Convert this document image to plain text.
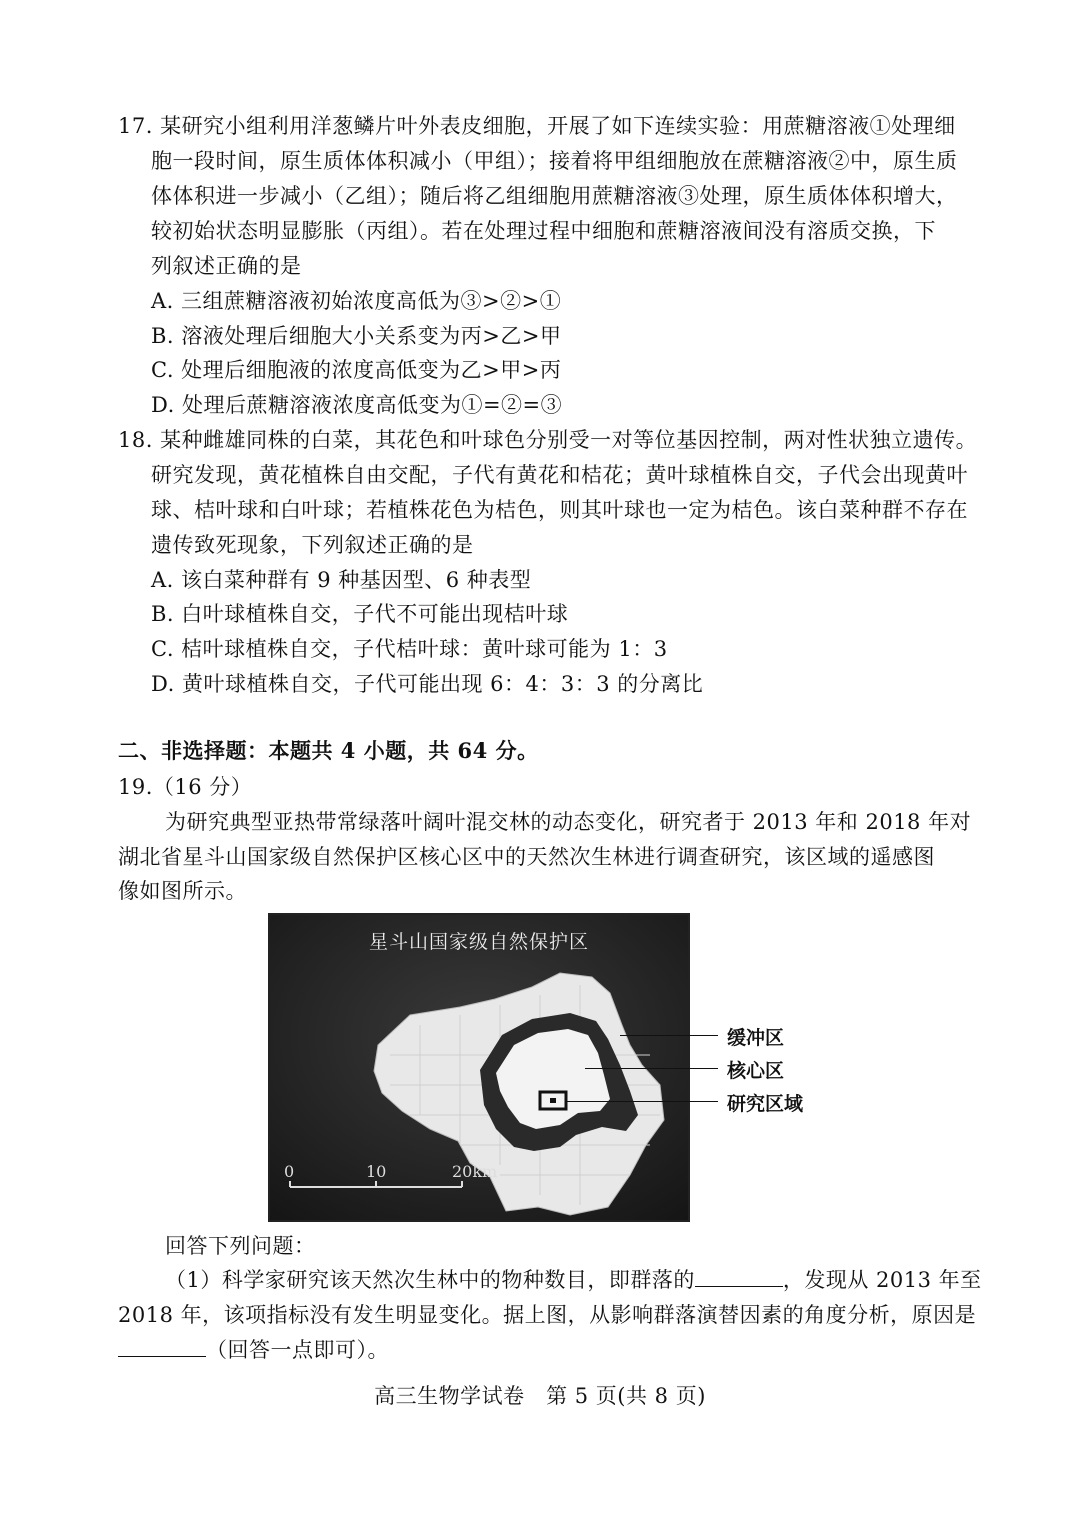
17. 某研究小组利用洋葱鳞片叶外表皮细胞，开展了如下连续实验：用蔗糖溶液①处理细
胞一段时间，原生质体体积减小（甲组）；接着将甲组细胞放在蔗糖溶液②中，原生质
体体积进一步减小（乙组）；随后将乙组细胞用蔗糖溶液③处理，原生质体体积增大，
较初始状态明显膨胀（丙组）。若在处理过程中细胞和蔗糖溶液间没有溶质交换，下
列叙述正确的是
A. 三组蔗糖溶液初始浓度高低为③>②>①
B. 溶液处理后细胞大小关系变为丙>乙>甲
C. 处理后细胞液的浓度高低变为乙>甲>丙
D. 处理后蔗糖溶液浓度高低变为①=②=③
18. 某种雌雄同株的白菜，其花色和叶球色分别受一对等位基因控制，两对性状独立遗传。
研究发现，黄花植株自由交配，子代有黄花和桔花；黄叶球植株自交，子代会出现黄叶
球、桔叶球和白叶球；若植株花色为桔色，则其叶球也一定为桔色。该白菜种群不存在
遗传致死现象，下列叙述正确的是
A. 该白菜种群有 9 种基因型、6 种表型
B. 白叶球植株自交，子代不可能出现桔叶球
C. 桔叶球植株自交，子代桔叶球：黄叶球可能为 1：3
D. 黄叶球植株自交，子代可能出现 6：4：3：3 的分离比
二、非选择题：本题共 4 小题，共 64 分。
19.（16 分）
为研究典型亚热带常绿落叶阔叶混交林的动态变化，研究者于 2013 年和 2018 年对
湖北省星斗山国家级自然保护区核心区中的天然次生林进行调查研究，该区域的遥感图
像如图所示。
0	10	20km
星斗山国家级自然保护区
缓冲区
核心区
研究区域
回答下列问题：
（1）科学家研究该天然次生林中的物种数目，即群落的	，发现从 2013 年至
2018 年，该项指标没有发生明显变化。据上图，从影响群落演替因素的角度分析，原因是
（回答一点即可）。
高三生物学试卷　第 5 页(共 8 页)
